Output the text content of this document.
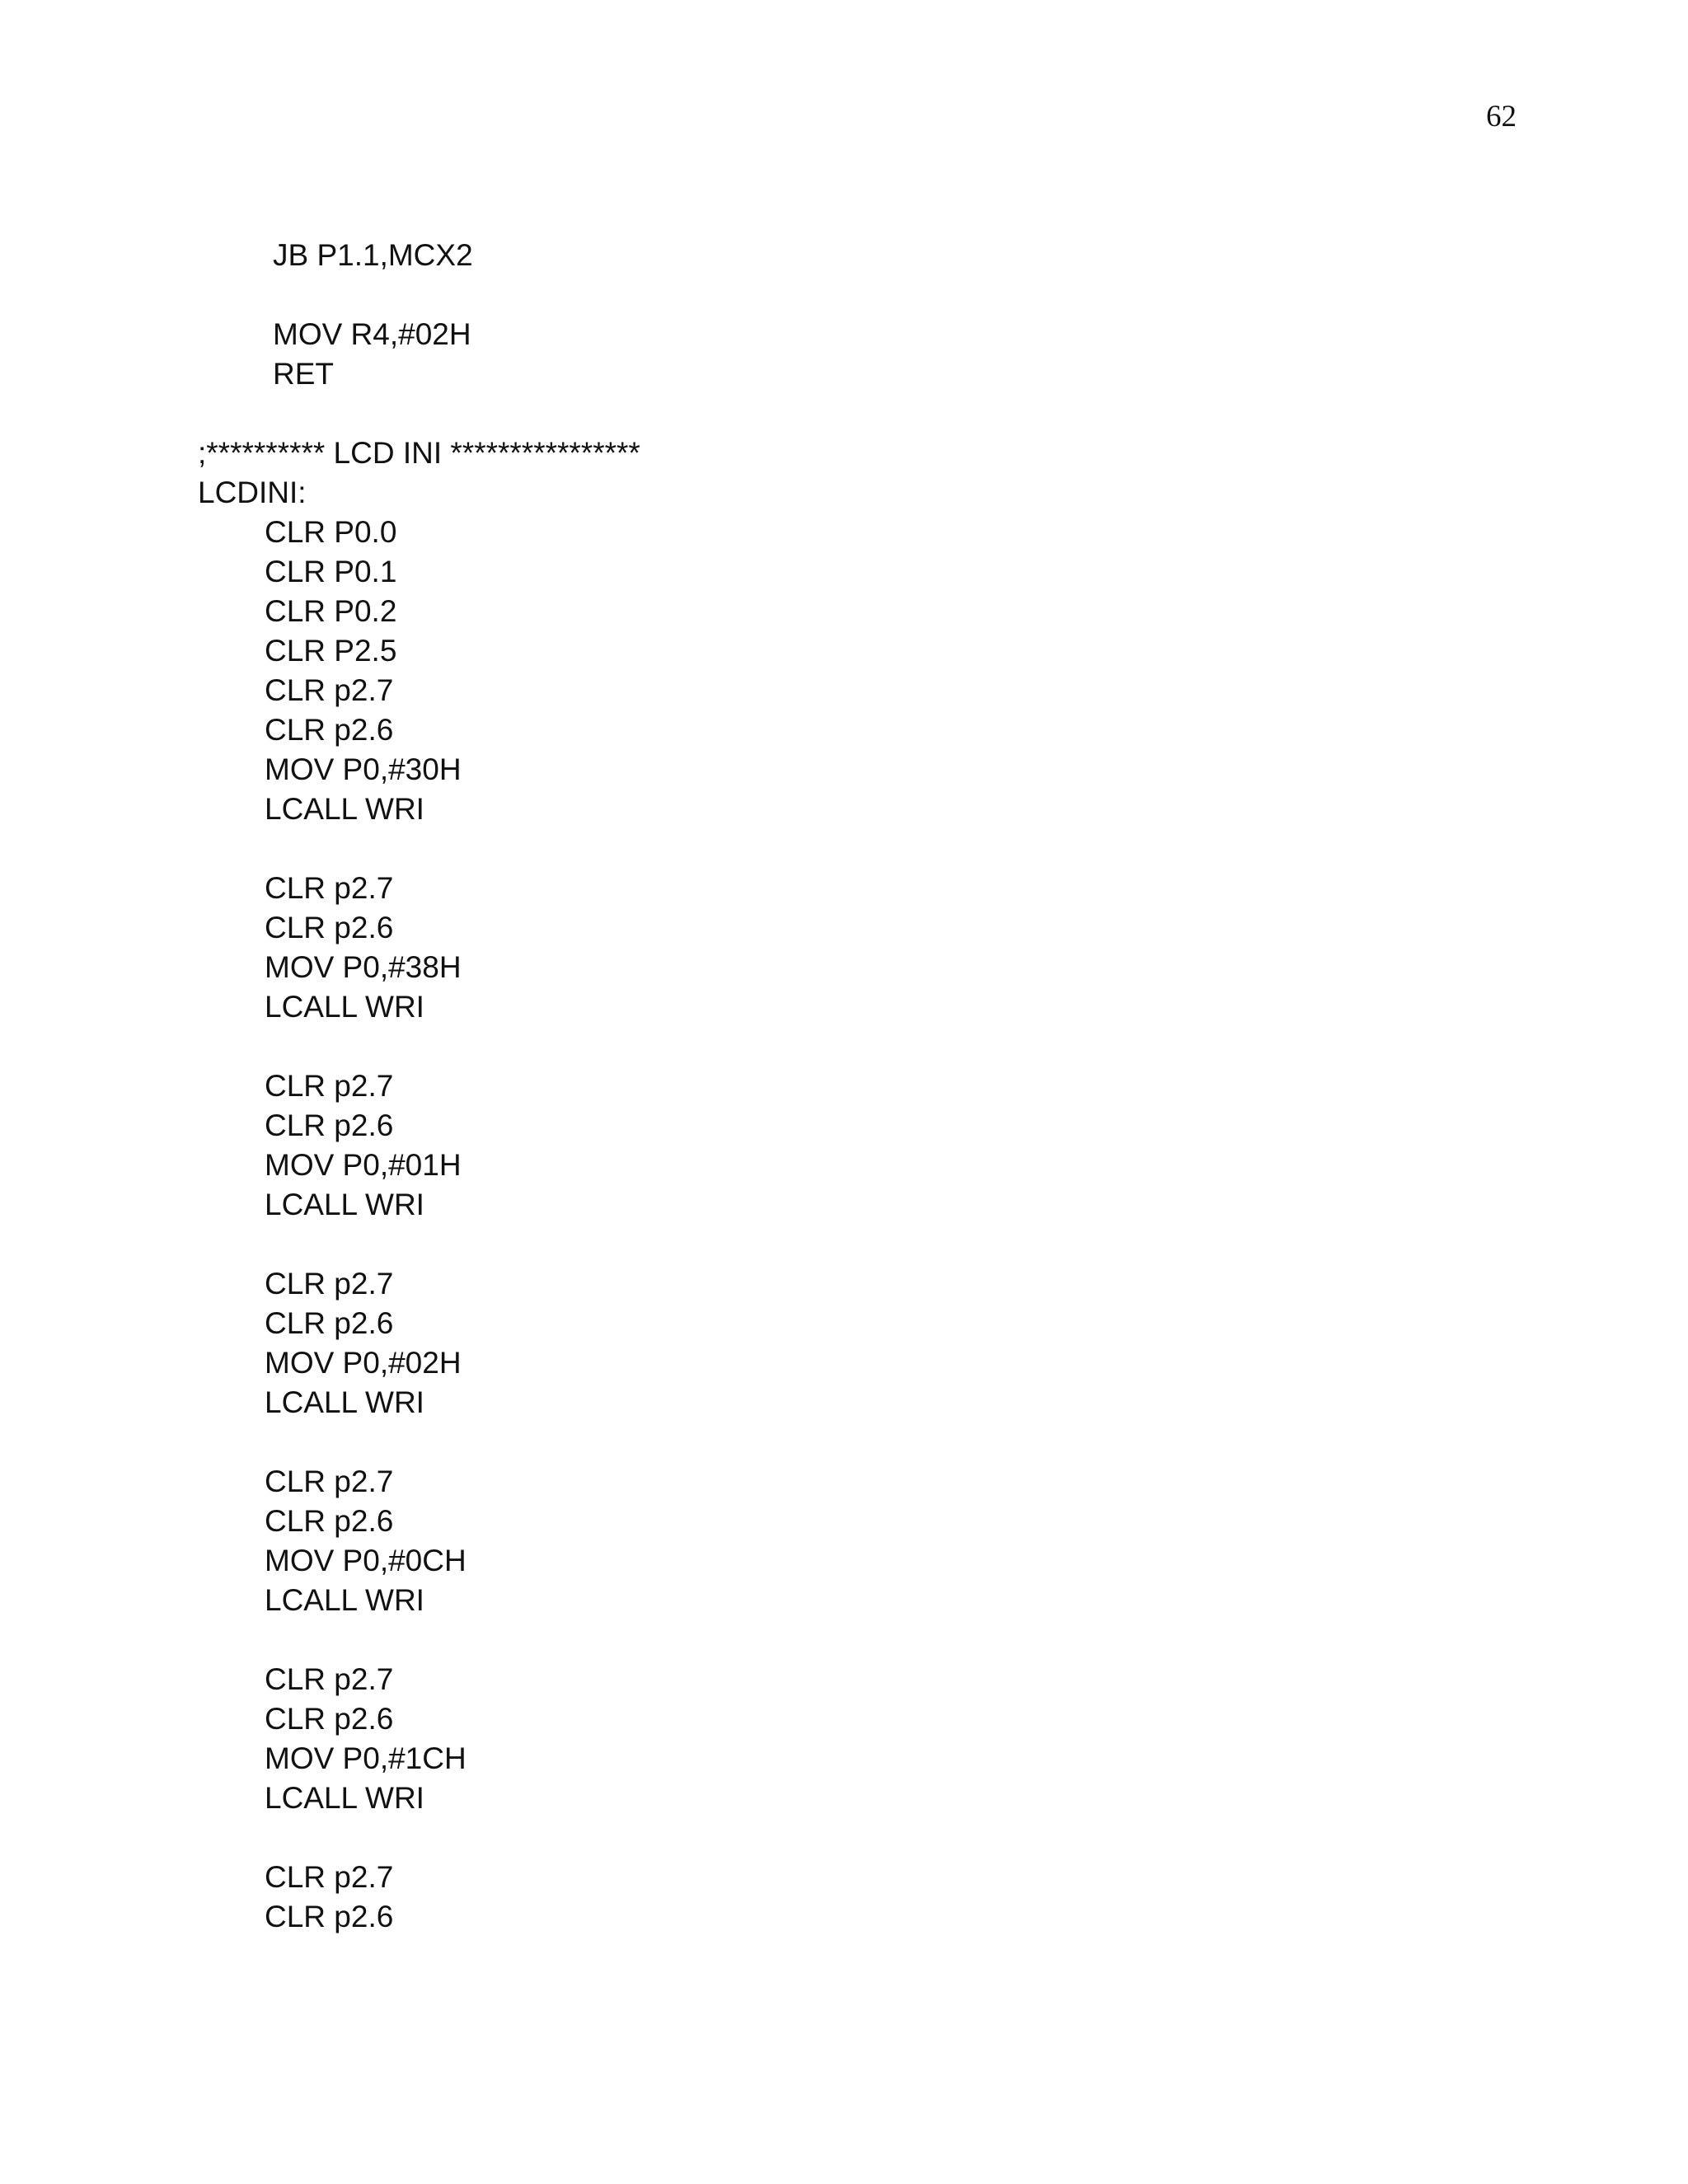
62

JB P1.1,MCX2

MOV R4,#02H

RET

;********** LCD INI ****************

LCDINI:

CLR P0.0

CLR P0.1

CLR P0.2

CLR P2.5

CLR p2.7

CLR p2.6

MOV P0,#30H

LCALL WRI

CLR p2.7

CLR p2.6

MOV P0,#38H

LCALL WRI

CLR p2.7

CLR p2.6

MOV P0,#01H

LCALL WRI

CLR p2.7

CLR p2.6

MOV P0,#02H

LCALL WRI

CLR p2.7

CLR p2.6

MOV P0,#0CH

LCALL WRI

CLR p2.7

CLR p2.6

MOV P0,#1CH

LCALL WRI

CLR p2.7

CLR p2.6
